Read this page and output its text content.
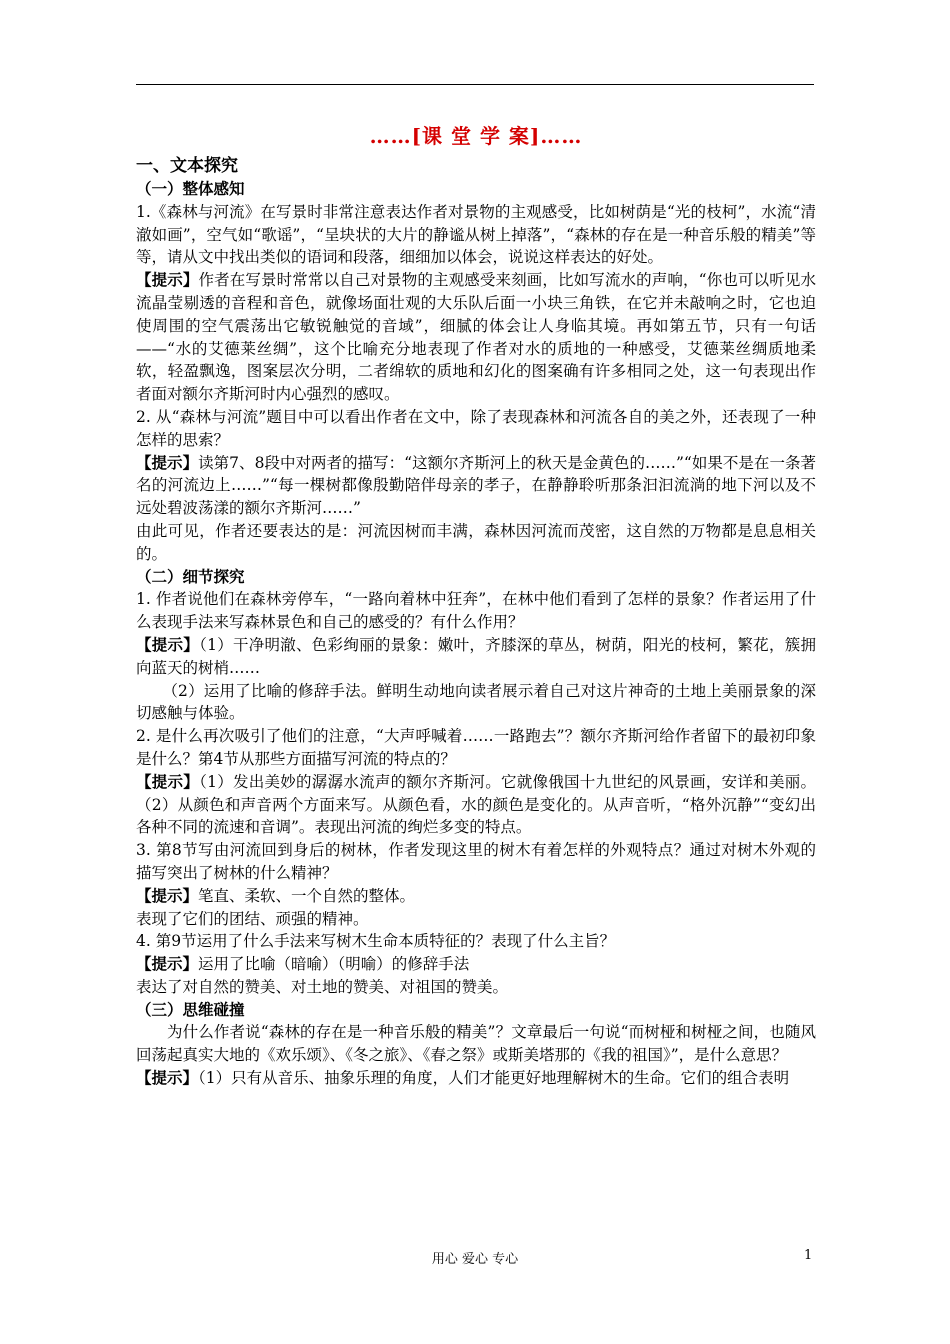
……[课 堂 学 案]……
一、文本探究
（一）整体感知

1.《森林与河流》在写景时非常注意表达作者对景物的主观感受，比如树荫是“光的枝柯”，水流“清澈如画”，空气如“歌谣”，“呈块状的大片的静谧从树上掉落”，“森林的存在是一种音乐般的精美”等等，请从文中找出类似的语词和段落，细细加以体会，说说这样表达的好处。

【提示】作者在写景时常常以自己对景物的主观感受来刻画，比如写流水的声响，“你也可以听见水流晶莹剔透的音程和音色，就像场面壮观的大乐队后面一小块三角铁，在它并未敲响之时，它也迫使周围的空气震荡出它敏锐触觉的音域”，细腻的体会让人身临其境。再如第五节，只有一句话——“水的艾德莱丝绸”，这个比喻充分地表现了作者对水的质地的一种感受，艾德莱丝绸质地柔软，轻盈飘逸，图案层次分明，二者绵软的质地和幻化的图案确有许多相同之处，这一句表现出作者面对额尔齐斯河时内心强烈的感叹。

2. 从“森林与河流”题目中可以看出作者在文中，除了表现森林和河流各自的美之外，还表现了一种怎样的思索？

【提示】读第7、8段中对两者的描写：“这额尔齐斯河上的秋天是金黄色的……”“如果不是在一条著名的河流边上……”“每一棵树都像殷勤陪伴母亲的孝子，在静静聆听那条汩汩流淌的地下河以及不远处碧波荡漾的额尔齐斯河……”

由此可见，作者还要表达的是：河流因树而丰满，森林因河流而茂密，这自然的万物都是息息相关的。

（二）细节探究

1. 作者说他们在森林旁停车，“一路向着林中狂奔”，在林中他们看到了怎样的景象？作者运用了什么表现手法来写森林景色和自己的感受的？有什么作用？

【提示】（1）干净明澈、色彩绚丽的景象：嫩叶，齐膝深的草丛，树荫，阳光的枝柯，繁花，簇拥向蓝天的树梢……

（2）运用了比喻的修辞手法。鲜明生动地向读者展示着自己对这片神奇的土地上美丽景象的深切感触与体验。

2. 是什么再次吸引了他们的注意，“大声呼喊着……一路跑去”？额尔齐斯河给作者留下的最初印象是什么？第4节从那些方面描写河流的特点的？

【提示】（1）发出美妙的潺潺水流声的额尔齐斯河。它就像俄国十九世纪的风景画，安详和美丽。（2）从颜色和声音两个方面来写。从颜色看，水的颜色是变化的。从声音听，“格外沉静”“变幻出各种不同的流速和音调”。表现出河流的绚烂多变的特点。

3. 第8节写由河流回到身后的树林，作者发现这里的树木有着怎样的外观特点？通过对树木外观的描写突出了树林的什么精神？

【提示】笔直、柔软、一个自然的整体。

表现了它们的团结、顽强的精神。

4. 第9节运用了什么手法来写树木生命本质特征的？表现了什么主旨？

【提示】运用了比喻（暗喻）（明喻）的修辞手法

表达了对自然的赞美、对土地的赞美、对祖国的赞美。

（三）思维碰撞

为什么作者说“森林的存在是一种音乐般的精美”？文章最后一句说“而树桠和树桠之间，也随风回荡起真实大地的《欢乐颂》、《冬之旅》、《春之祭》或斯美塔那的《我的祖国》”，是什么意思？

【提示】（1）只有从音乐、抽象乐理的角度，人们才能更好地理解树木的生命。它们的组合表明

用心 爱心 专心	1
